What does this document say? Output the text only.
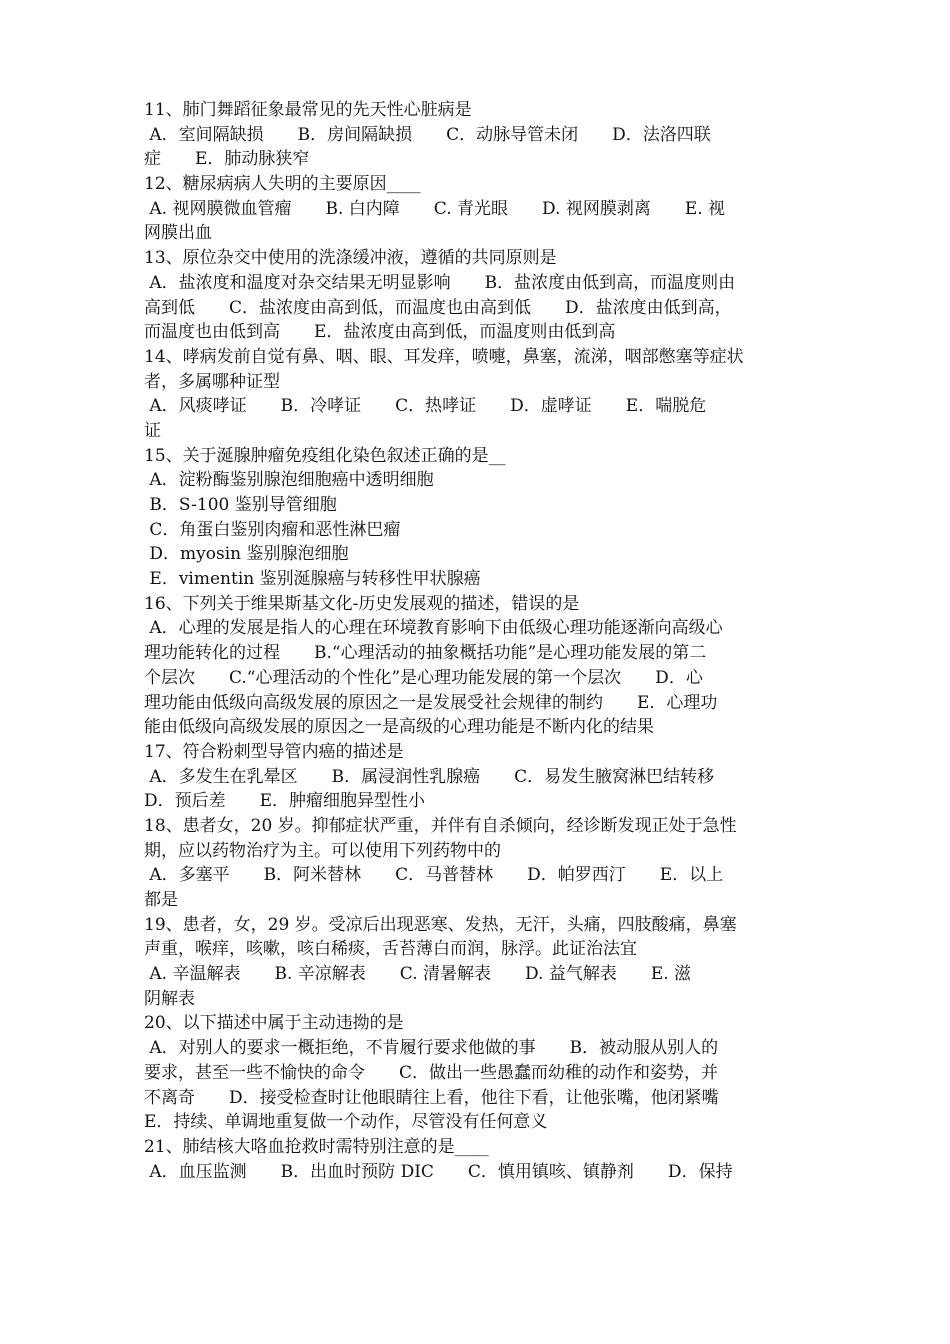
11、肺门舞蹈征象最常见的先天性心脏病是
A．室间隔缺损　　B．房间隔缺损　　C．动脉导管未闭　　D．法洛四联
症　　E．肺动脉狭窄
12、糖尿病病人失明的主要原因____
A. 视网膜微血管瘤　　B. 白内障　　C. 青光眼　　D. 视网膜剥离　　E. 视
网膜出血
13、原位杂交中使用的洗涤缓冲液，遵循的共同原则是
A．盐浓度和温度对杂交结果无明显影响　　B．盐浓度由低到高，而温度则由
高到低　　C．盐浓度由高到低，而温度也由高到低　　D．盐浓度由低到高，
而温度也由低到高　　E．盐浓度由高到低，而温度则由低到高
14、哮病发前自觉有鼻、咽、眼、耳发痒，喷嚏，鼻塞，流涕，咽部憋塞等症状
者，多属哪种证型
A．风痰哮证　　B．冷哮证　　C．热哮证　　D．虚哮证　　E．喘脱危
证
15、关于涎腺肿瘤免疫组化染色叙述正确的是__
A．淀粉酶鉴别腺泡细胞癌中透明细胞
B．S-100 鉴别导管细胞
C．角蛋白鉴别肉瘤和恶性淋巴瘤
D．myosin 鉴别腺泡细胞
E．vimentin 鉴别涎腺癌与转移性甲状腺癌
16、下列关于维果斯基文化-历史发展观的描述，错误的是
A．心理的发展是指人的心理在环境教育影响下由低级心理功能逐渐向高级心
理功能转化的过程　　B.“心理活动的抽象概括功能”是心理功能发展的第二
个层次　　C.“心理活动的个性化”是心理功能发展的第一个层次　　D．心
理功能由低级向高级发展的原因之一是发展受社会规律的制约　　E．心理功
能由低级向高级发展的原因之一是高级的心理功能是不断内化的结果
17、符合粉刺型导管内癌的描述是
A．多发生在乳晕区　　B．属浸润性乳腺癌　　C．易发生腋窝淋巴结转移
D．预后差　　E．肿瘤细胞异型性小
18、患者女，20 岁。抑郁症状严重，并伴有自杀倾向，经诊断发现正处于急性
期，应以药物治疗为主。可以使用下列药物中的
A．多塞平　　B．阿米替林　　C．马普替林　　D．帕罗西汀　　E．以上
都是
19、患者，女，29 岁。受凉后出现恶寒、发热，无汗，头痛，四肢酸痛，鼻塞
声重，喉痒，咳嗽，咳白稀痰，舌苔薄白而润，脉浮。此证治法宜
A. 辛温解表　　B. 辛凉解表　　C. 清暑解表　　D. 益气解表　　E. 滋
阴解表
20、以下描述中属于主动违拗的是
A．对别人的要求一概拒绝，不肯履行要求他做的事　　B．被动服从别人的
要求，甚至一些不愉快的命令　　C．做出一些愚蠢而幼稚的动作和姿势，并
不离奇　　D．接受检查时让他眼睛往上看，他往下看，让他张嘴，他闭紧嘴
E．持续、单调地重复做一个动作，尽管没有任何意义
21、肺结核大咯血抢救时需特别注意的是____
A．血压监测　　B．出血时预防 DIC　　C．慎用镇咳、镇静剂　　D．保持
